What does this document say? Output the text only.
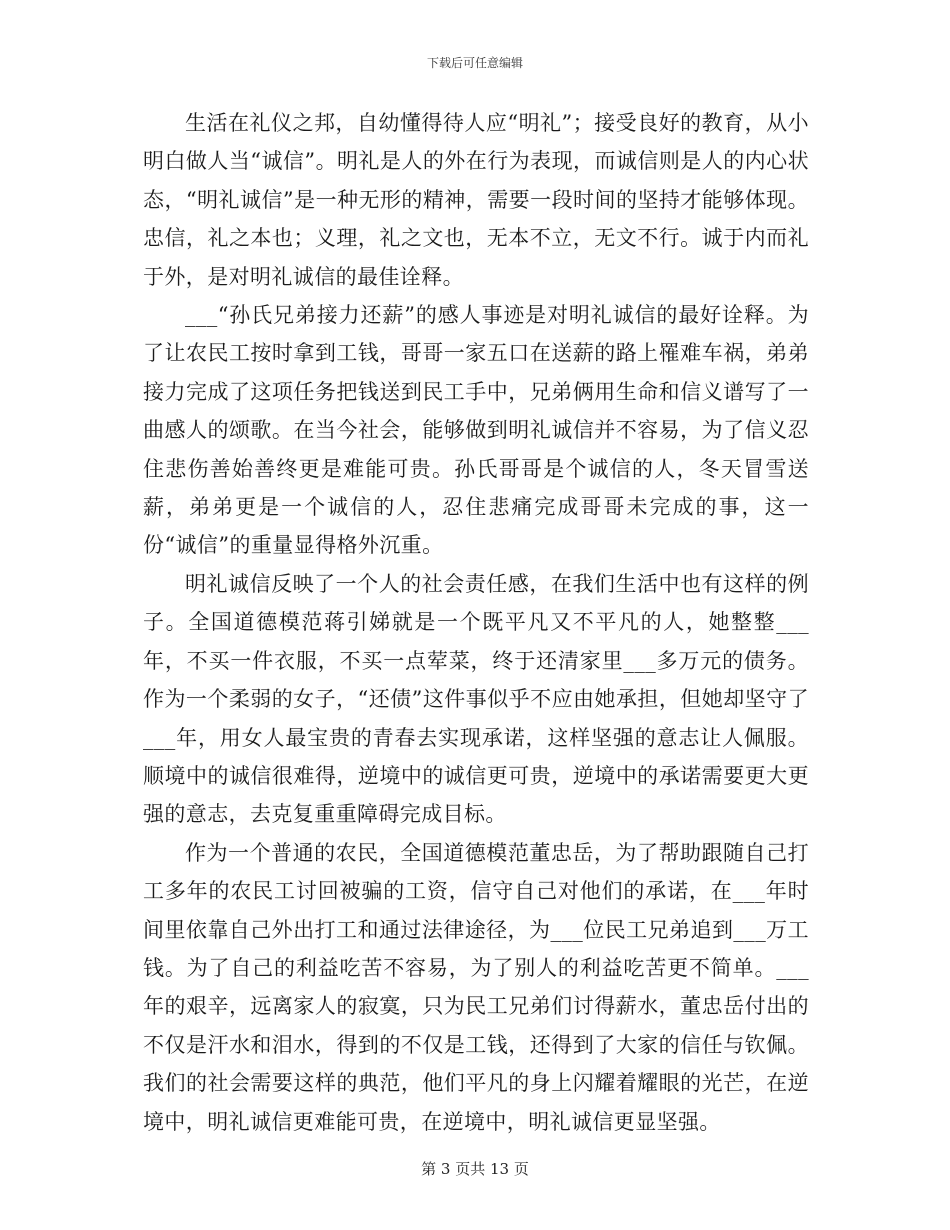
下载后可任意编辑

生活在礼仪之邦，自幼懂得待人应“明礼”；接受良好的教育，从小明白做人当“诚信”。明礼是人的外在行为表现，而诚信则是人的内心状态，“明礼诚信”是一种无形的精神，需要一段时间的坚持才能够体现。忠信，礼之本也；义理，礼之文也，无本不立，无文不行。诚于内而礼于外，是对明礼诚信的最佳诠释。

___“孙氏兄弟接力还薪”的感人事迹是对明礼诚信的最好诠释。为了让农民工按时拿到工钱，哥哥一家五口在送薪的路上罹难车祸，弟弟接力完成了这项任务把钱送到民工手中，兄弟俩用生命和信义谱写了一曲感人的颂歌。在当今社会，能够做到明礼诚信并不容易，为了信义忍住悲伤善始善终更是难能可贵。孙氏哥哥是个诚信的人，冬天冒雪送薪，弟弟更是一个诚信的人，忍住悲痛完成哥哥未完成的事，这一份“诚信”的重量显得格外沉重。

明礼诚信反映了一个人的社会责任感，在我们生活中也有这样的例子。全国道德模范蒋引娣就是一个既平凡又不平凡的人，她整整___年，不买一件衣服，不买一点荤菜，终于还清家里___多万元的债务。作为一个柔弱的女子，“还债”这件事似乎不应由她承担，但她却坚守了___年，用女人最宝贵的青春去实现承诺，这样坚强的意志让人佩服。顺境中的诚信很难得，逆境中的诚信更可贵，逆境中的承诺需要更大更强的意志，去克复重重障碍完成目标。

作为一个普通的农民，全国道德模范董忠岳，为了帮助跟随自己打工多年的农民工讨回被骗的工资，信守自己对他们的承诺，在___年时间里依靠自己外出打工和通过法律途径，为___位民工兄弟追到___万工钱。为了自己的利益吃苦不容易，为了别人的利益吃苦更不简单。___年的艰辛，远离家人的寂寞，只为民工兄弟们讨得薪水，董忠岳付出的不仅是汗水和泪水，得到的不仅是工钱，还得到了大家的信任与钦佩。我们的社会需要这样的典范，他们平凡的身上闪耀着耀眼的光芒，在逆境中，明礼诚信更难能可贵，在逆境中，明礼诚信更显坚强。

第 3 页共 13 页
